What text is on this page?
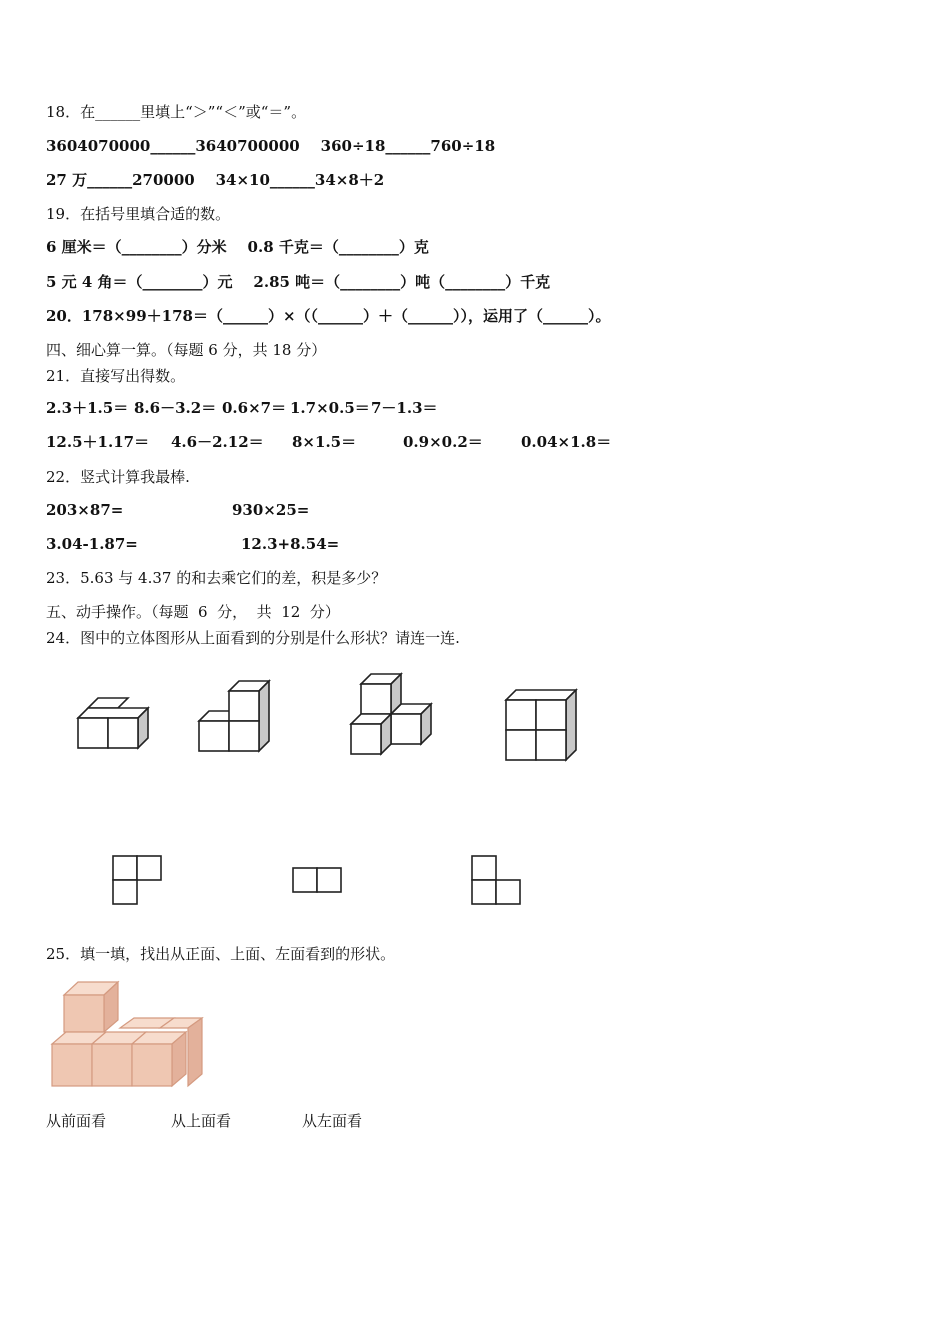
18．在______里填上“＞”“＜”或“＝”。
3604070000______3640700000    360÷18______760÷18
27 万______270000    34×10______34×8＋2
19．在括号里填合适的数。
6 厘米＝（________）分米    0.8 千克＝（________）克
5 元 4 角＝（________）元    2.85 吨＝（________）吨（________）千克
20．178×99＋178＝（______）×（（______）＋（______）），运用了（______）。
四、细心算一算。（每题 6 分，共 18 分）
21．直接写出得数。
2.3＋1.5＝ 8.6－3.2＝ 0.6×7＝ 1.7×0.5＝ 7－1.3＝
12.5＋1.17＝ 4.6－2.12＝ 8×1.5＝	0.9×0.2＝	0.04×1.8＝
22．竖式计算我最棒.
203×87=	930×25=
3.04-1.87=	12.3+8.54=
23．5.63 与 4.37 的和去乘它们的差，积是多少？
五、动手操作。（每题  6  分，  共  12  分）
24．图中的立体图形从上面看到的分别是什么形状？请连一连.
25．填一填，找出从正面、上面、左面看到的形状。
从前面看	从上面看	从左面看
